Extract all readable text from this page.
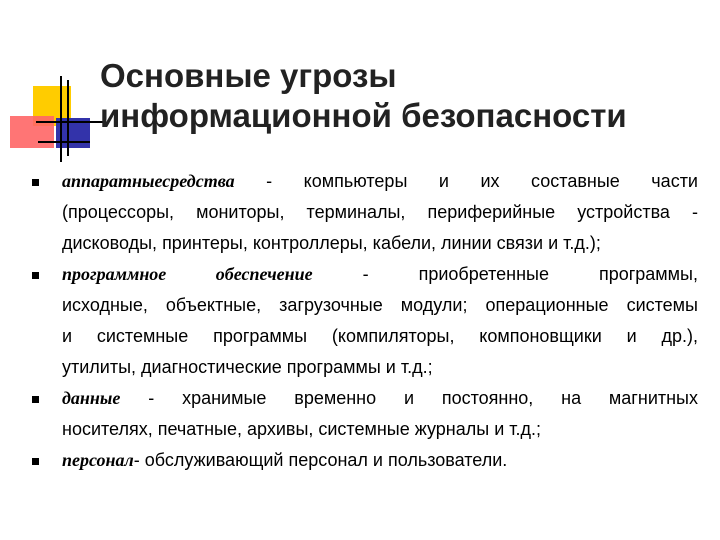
Основные угрозы
информационной безопасности
аппаратныесредства - компьютеры и их составные части
(процессоры, мониторы, терминалы, периферийные устройства -
дисководы, принтеры, контроллеры, кабели, линии связи и т.д.);
программное обеспечение - приобретенные программы,
исходные, объектные, загрузочные модули; операционные системы
и системные программы (компиляторы, компоновщики и др.),
утилиты, диагностические программы и т.д.;
данные - хранимые временно и постоянно, на магнитных
носителях, печатные, архивы, системные журналы и т.д.;
персонал- обслуживающий персонал и пользователи.
